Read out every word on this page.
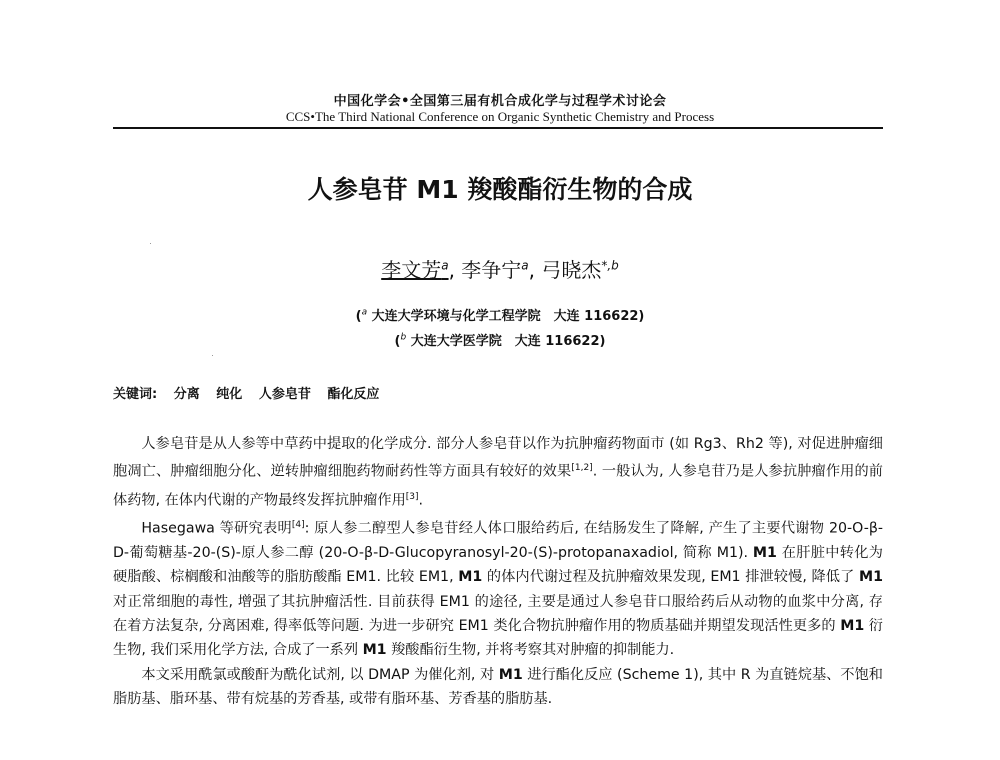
中国化学会•全国第三届有机合成化学与过程学术讨论会
CCS•The Third National Conference on Organic Synthetic Chemistry and Process
人参皂苷 M1 羧酸酯衍生物的合成
李文芳$^a$, 李争宁$^a$, 弓晓杰$^{*,b}$
($^a$ 大连大学环境与化学工程学院　大连 116622)
($^b$ 大连大学医学院　大连 116622)
关键词: 分离 纯化 人参皂苷 酯化反应

人参皂苷是从人参等中草药中提取的化学成分. 部分人参皂苷以作为抗肿瘤药物面市 (如 Rg3、Rh2 等), 对促进肿瘤细胞凋亡、肿瘤细胞分化、逆转肿瘤细胞药物耐药性等方面具有较好的效果[1,2]. 一般认为, 人参皂苷乃是人参抗肿瘤作用的前体药物, 在体内代谢的产物最终发挥抗肿瘤作用[3].

Hasegawa 等研究表明[4]: 原人参二醇型人参皂苷经人体口服给药后, 在结肠发生了降解, 产生了主要代谢物 20-O-β-D-葡萄糖基-20-(S)-原人参二醇 (20-O-β-D-Glucopyranosyl-20-(S)-protopanaxadiol, 简称 M1). M1 在肝脏中转化为硬脂酸、棕榈酸和油酸等的脂肪酸酯 EM1. 比较 EM1, M1 的体内代谢过程及抗肿瘤效果发现, EM1 排泄较慢, 降低了 M1 对正常细胞的毒性, 增强了其抗肿瘤活性. 目前获得 EM1 的途径, 主要是通过人参皂苷口服给药后从动物的血浆中分离, 存在着方法复杂, 分离困难, 得率低等问题. 为进一步研究 EM1 类化合物抗肿瘤作用的物质基础并期望发现活性更多的 M1 衍生物, 我们采用化学方法, 合成了一系列 M1 羧酸酯衍生物, 并将考察其对肿瘤的抑制能力.

本文采用酰氯或酸酐为酰化试剂, 以 DMAP 为催化剂, 对 M1 进行酯化反应 (Scheme 1), 其中 R 为直链烷基、不饱和脂肪基、脂环基、带有烷基的芳香基, 或带有脂环基、芳香基的脂肪基.
